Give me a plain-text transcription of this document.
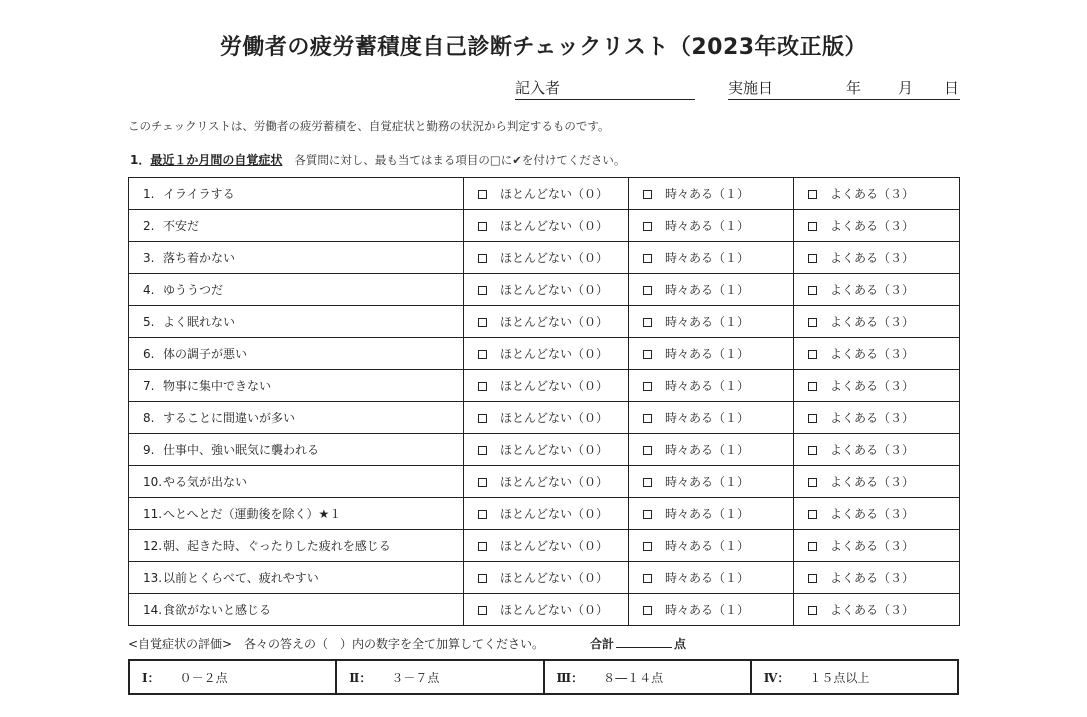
労働者の疲労蓄積度自己診断チェックリスト（2023年改正版）
記入者	実施日	年 月 日
このチェックリストは、労働者の疲労蓄積を、自覚症状と勤務の状況から判定するものです。
1．最近１か月間の自覚症状 各質問に対し、最も当てはまる項目の□に✔を付けてください。
1. イライラする	ほとんどない（０）	時々ある（１）	よくある（３）
2. 不安だ	ほとんどない（０）	時々ある（１）	よくある（３）
3. 落ち着かない	ほとんどない（０）	時々ある（１）	よくある（３）
4. ゆううつだ	ほとんどない（０）	時々ある（１）	よくある（３）
5. よく眠れない	ほとんどない（０）	時々ある（１）	よくある（３）
6. 体の調子が悪い	ほとんどない（０）	時々ある（１）	よくある（３）
7. 物事に集中できない	ほとんどない（０）	時々ある（１）	よくある（３）
8. することに間違いが多い	ほとんどない（０）	時々ある（１）	よくある（３）
9. 仕事中、強い眠気に襲われる	ほとんどない（０）	時々ある（１）	よくある（３）
10.やる気が出ない	ほとんどない（０）	時々ある（１）	よくある（３）
11.へとへとだ（運動後を除く）★１	ほとんどない（０）	時々ある（１）	よくある（３）
12.朝、起きた時、ぐったりした疲れを感じる	ほとんどない（０）	時々ある（１）	よくある（３）
13.以前とくらべて、疲れやすい	ほとんどない（０）	時々ある（１）	よくある（３）
14.食欲がないと感じる	ほとんどない（０）	時々ある（１）	よくある（３）
<自覚症状の評価> 各々の答えの（　）内の数字を全て加算してください。	合計	点
Ⅰ： ０－２点	Ⅱ： ３－７点	Ⅲ： ８―１４点	Ⅳ： １５点以上
